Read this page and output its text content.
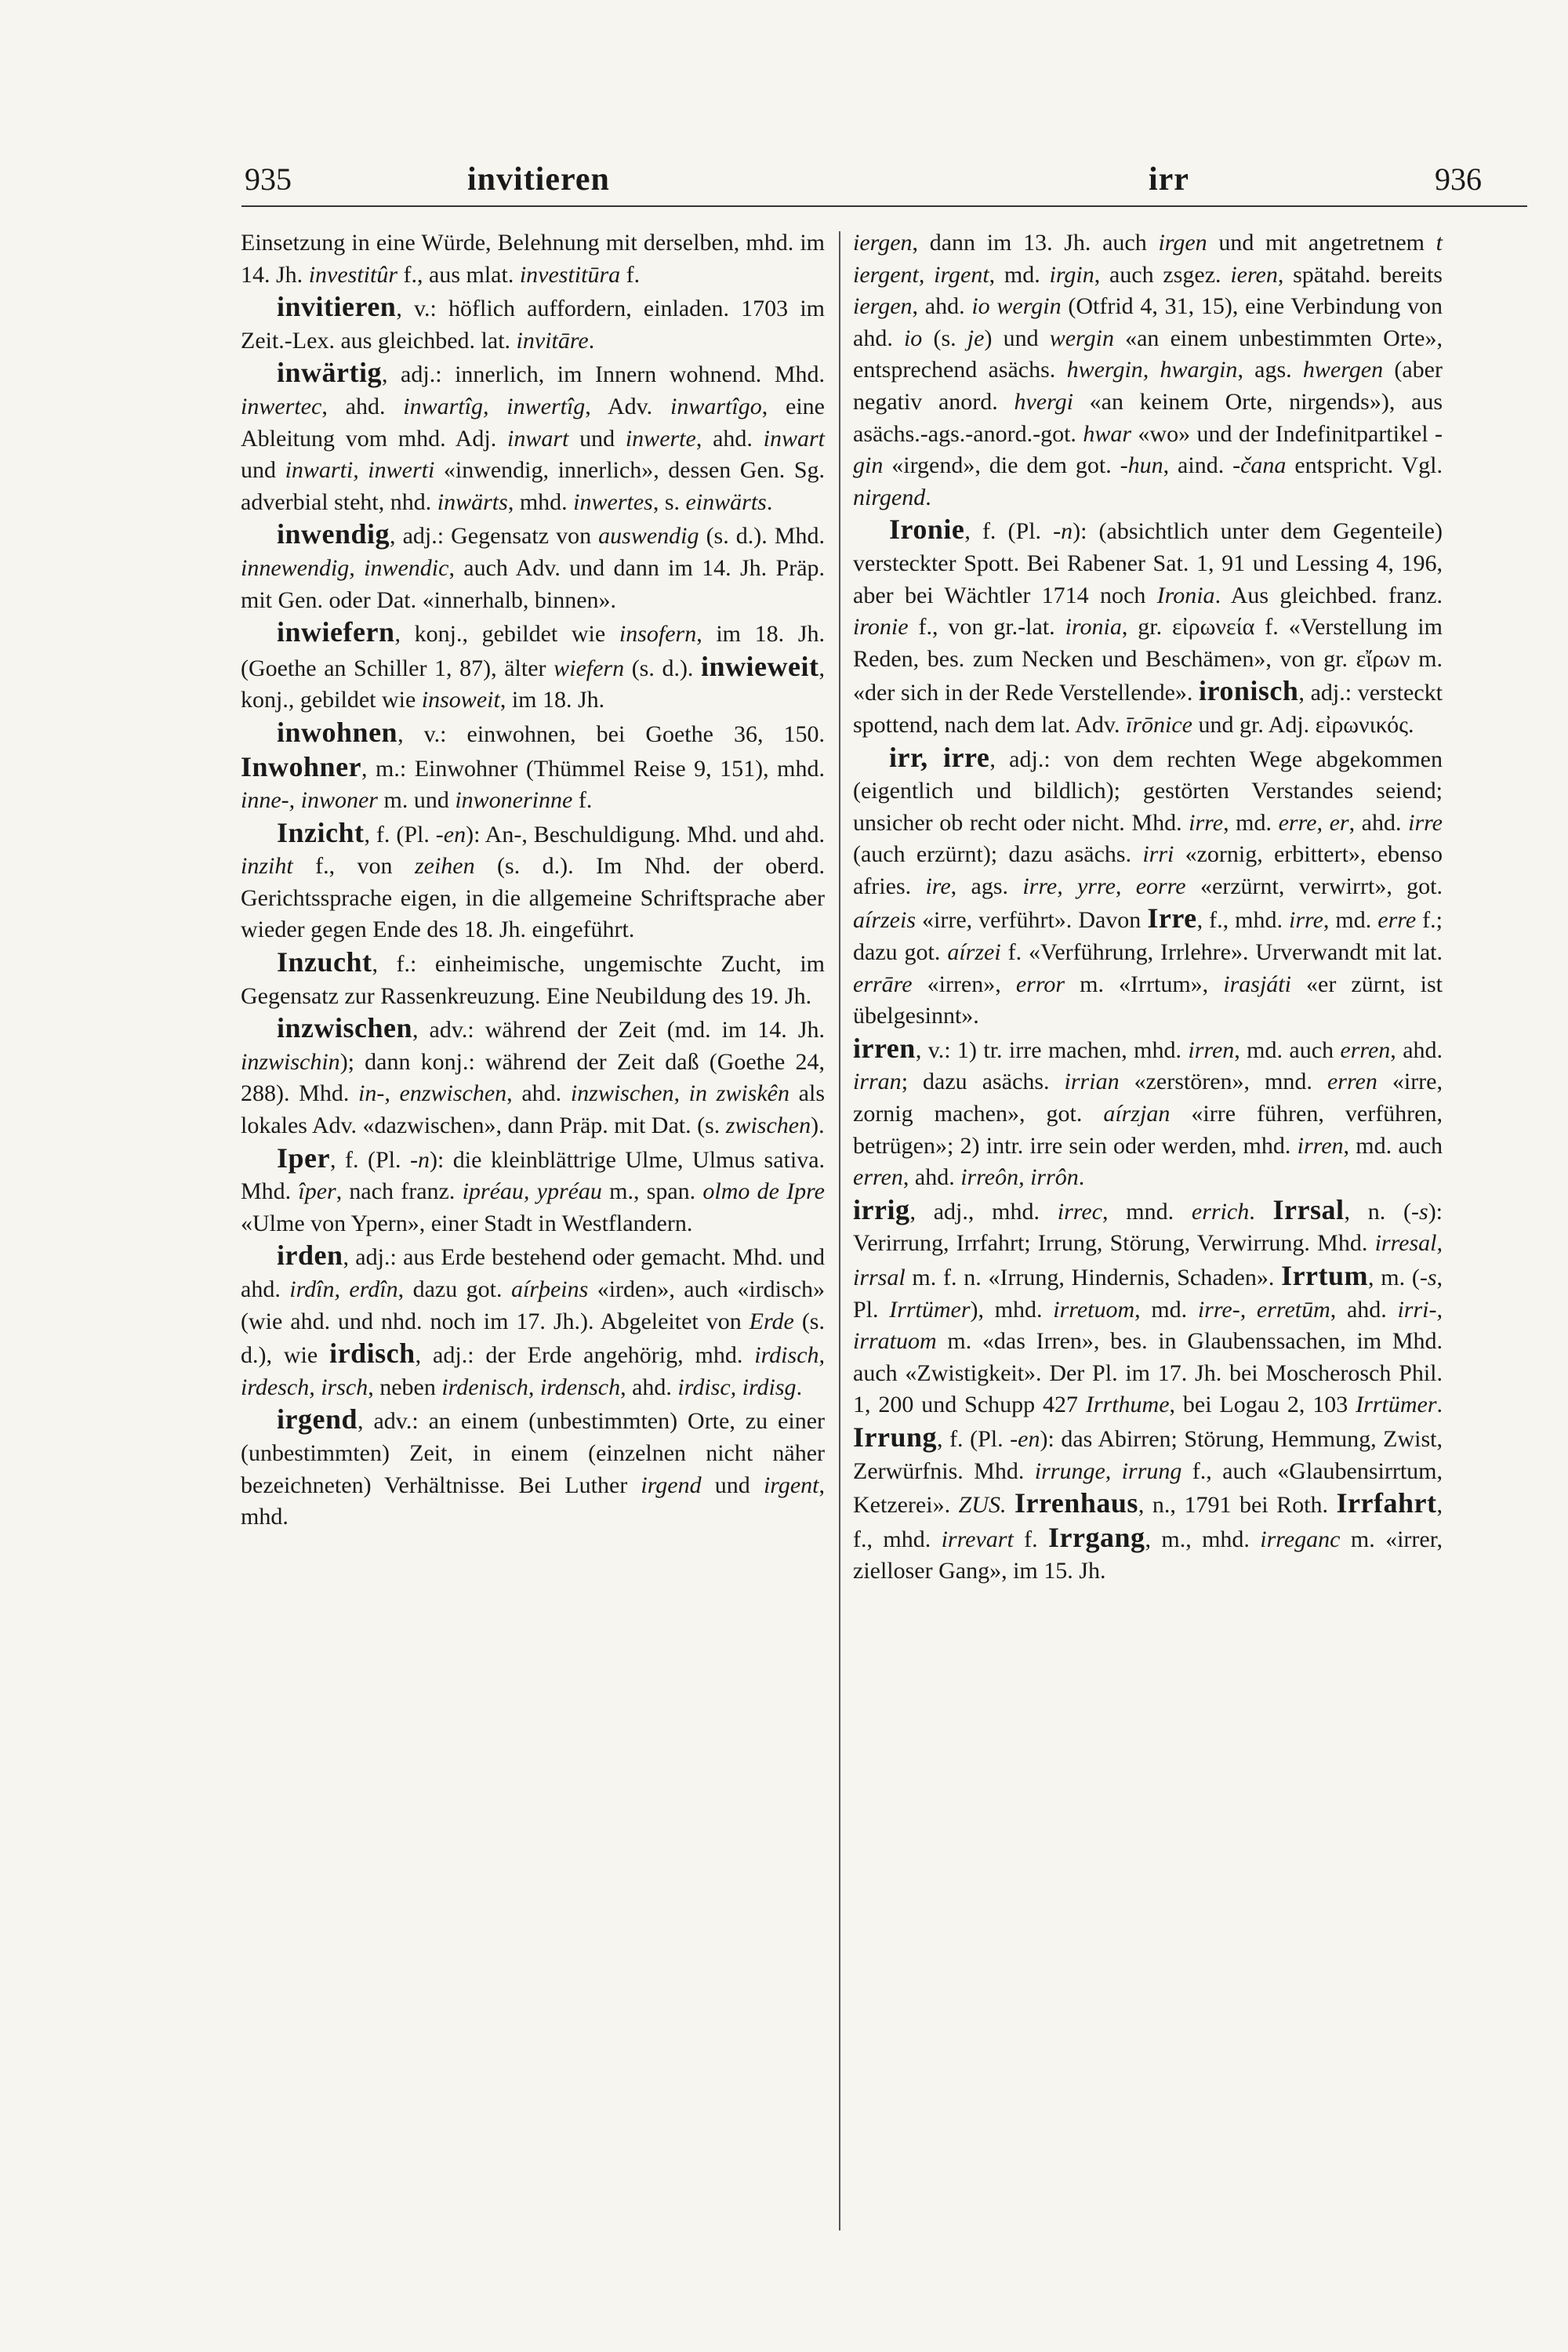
935	invitieren	irr	936

Einsetzung in eine Würde, Belehnung mit derselben, mhd. im 14. Jh. investitûr f., aus mlat. investitūra f.

invitieren, v.: höflich auffordern, einladen. 1703 im Zeit.-Lex. aus gleichbed. lat. invitāre.

inwärtig, adj.: innerlich, im Innern wohnend. Mhd. inwertec, ahd. inwartîg, inwertîg, Adv. inwartîgo, eine Ableitung vom mhd. Adj. inwart und inwerte, ahd. inwart und inwarti, inwerti «inwendig, innerlich», dessen Gen. Sg. adverbial steht, nhd. inwärts, mhd. inwertes, s. einwärts.

inwendig, adj.: Gegensatz von auswendig (s. d.). Mhd. innewendig, inwendic, auch Adv. und dann im 14. Jh. Präp. mit Gen. oder Dat. «innerhalb, binnen».

inwiefern, konj., gebildet wie insofern, im 18. Jh. (Goethe an Schiller 1, 87), älter wiefern (s. d.). inwieweit, konj., gebildet wie insoweit, im 18. Jh.

inwohnen, v.: einwohnen, bei Goethe 36, 150. Inwohner, m.: Einwohner (Thümmel Reise 9, 151), mhd. inne-, inwoner m. und inwonerinne f.

Inzicht, f. (Pl. -en): An-, Beschuldigung. Mhd. und ahd. inziht f., von zeihen (s. d.). Im Nhd. der oberd. Gerichtssprache eigen, in die allgemeine Schriftsprache aber wieder gegen Ende des 18. Jh. eingeführt.

Inzucht, f.: einheimische, ungemischte Zucht, im Gegensatz zur Rassenkreuzung. Eine Neubildung des 19. Jh.

inzwischen, adv.: während der Zeit (md. im 14. Jh. inzwischin); dann konj.: während der Zeit daß (Goethe 24, 288). Mhd. in-, enzwischen, ahd. inzwischen, in zwiskên als lokales Adv. «dazwischen», dann Präp. mit Dat. (s. zwischen).

Iper, f. (Pl. -n): die kleinblättrige Ulme, Ulmus sativa. Mhd. îper, nach franz. ipréau, ypréau m., span. olmo de Ipre «Ulme von Ypern», einer Stadt in Westflandern.

irden, adj.: aus Erde bestehend oder gemacht. Mhd. und ahd. irdîn, erdîn, dazu got. aírþeins «irden», auch «irdisch» (wie ahd. und nhd. noch im 17. Jh.). Abgeleitet von Erde (s. d.), wie irdisch, adj.: der Erde angehörig, mhd. irdisch, irdesch, irsch, neben irdenisch, irdensch, ahd. irdisc, irdisg.

irgend, adv.: an einem (unbestimmten) Orte, zu einer (unbestimmten) Zeit, in einem (einzelnen nicht näher bezeichneten) Verhältnisse. Bei Luther irgend und irgent, mhd.

iergen, dann im 13. Jh. auch irgen und mit angetretnem t iergent, irgent, md. irgin, auch zsgez. ieren, spätahd. bereits iergen, ahd. io wergin (Otfrid 4, 31, 15), eine Verbindung von ahd. io (s. je) und wergin «an einem unbestimmten Orte», entsprechend asächs. hwergin, hwargin, ags. hwergen (aber negativ anord. hvergi «an keinem Orte, nirgends»), aus asächs.-ags.-anord.-got. hwar «wo» und der Indefinitpartikel -gin «irgend», die dem got. -hun, aind. -čana entspricht. Vgl. nirgend.

Ironie, f. (Pl. -n): (absichtlich unter dem Gegenteile) versteckter Spott. Bei Rabener Sat. 1, 91 und Lessing 4, 196, aber bei Wächtler 1714 noch Ironia. Aus gleichbed. franz. ironie f., von gr.-lat. ironia, gr. εἰρωνεία f. «Verstellung im Reden, bes. zum Necken und Beschämen», von gr. εἴρων m. «der sich in der Rede Verstellende». ironisch, adj.: versteckt spottend, nach dem lat. Adv. īrōnice und gr. Adj. εἰρωνικός.

irr, irre, adj.: von dem rechten Wege abgekommen (eigentlich und bildlich); gestörten Verstandes seiend; unsicher ob recht oder nicht. Mhd. irre, md. erre, er, ahd. irre (auch erzürnt); dazu asächs. irri «zornig, erbittert», ebenso afries. ire, ags. irre, yrre, eorre «erzürnt, verwirrt», got. aírzeis «irre, verführt». Davon Irre, f., mhd. irre, md. erre f.; dazu got. aírzei f. «Verführung, Irrlehre». Urverwandt mit lat. errāre «irren», error m. «Irrtum», irasjáti «er zürnt, ist übelgesinnt».

irren, v.: 1) tr. irre machen, mhd. irren, md. auch erren, ahd. irran; dazu asächs. irrian «zerstören», mnd. erren «irre, zornig machen», got. aírzjan «irre führen, verführen, betrügen»; 2) intr. irre sein oder werden, mhd. irren, md. auch erren, ahd. irreôn, irrôn.

irrig, adj., mhd. irrec, mnd. errich. Irrsal, n. (-s): Verirrung, Irrfahrt; Irrung, Störung, Verwirrung. Mhd. irresal, irrsal m. f. n. «Irrung, Hindernis, Schaden». Irrtum, m. (-s, Pl. Irrtümer), mhd. irretuom, md. irre-, erretūm, ahd. irri-, irratuom m. «das Irren», bes. in Glaubenssachen, im Mhd. auch «Zwistigkeit». Der Pl. im 17. Jh. bei Moscherosch Phil. 1, 200 und Schupp 427 Irrthume, bei Logau 2, 103 Irrtümer. Irrung, f. (Pl. -en): das Abirren; Störung, Hemmung, Zwist, Zerwürfnis. Mhd. irrunge, irrung f., auch «Glaubensirrtum, Ketzerei». ZUS. Irrenhaus, n., 1791 bei Roth. Irrfahrt, f., mhd. irrevart f. Irrgang, m., mhd. irreganc m. «irrer, zielloser Gang», im 15. Jh.
